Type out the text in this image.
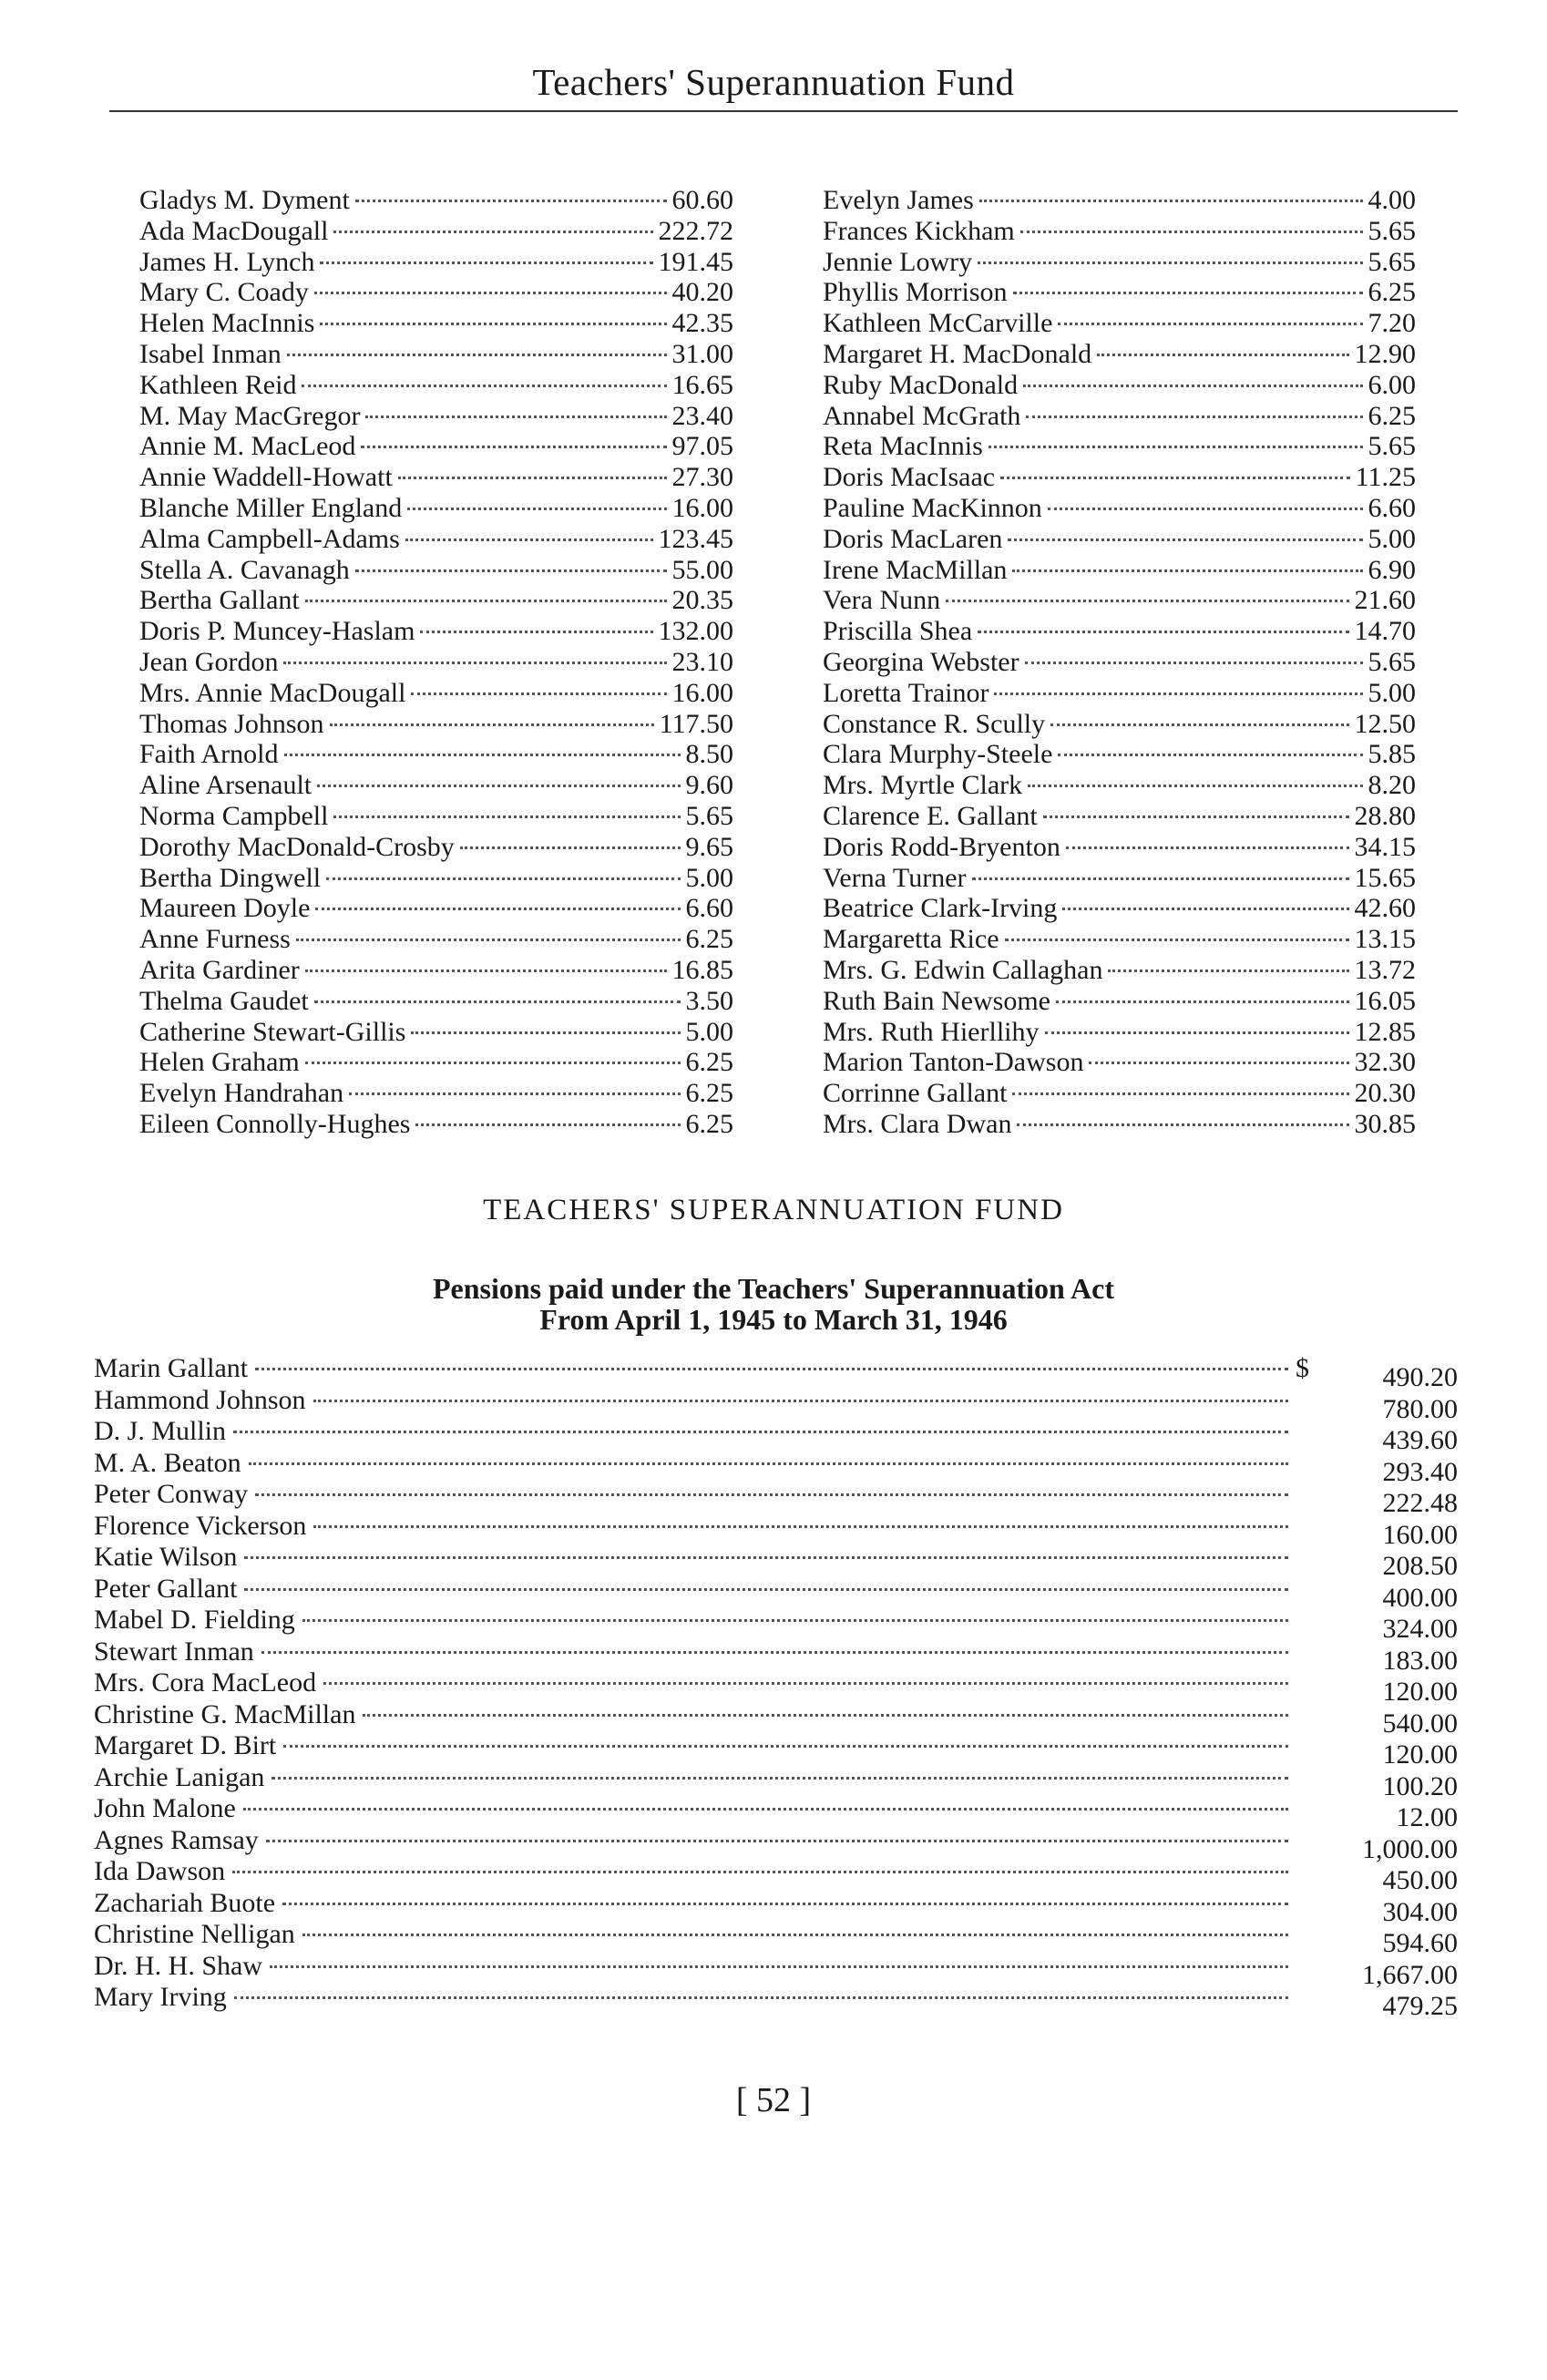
Teachers' Superannuation Fund
Gladys M. Dyment	60.60
Ada MacDougall	222.72
James H. Lynch	191.45
Mary C. Coady	40.20
Helen MacInnis	42.35
Isabel Inman	31.00
Kathleen Reid	16.65
M. May MacGregor	23.40
Annie M. MacLeod	97.05
Annie Waddell-Howatt	27.30
Blanche Miller England	16.00
Alma Campbell-Adams	123.45
Stella A. Cavanagh	55.00
Bertha Gallant	20.35
Doris P. Muncey-Haslam	132.00
Jean Gordon	23.10
Mrs. Annie MacDougall	16.00
Thomas Johnson	117.50
Faith Arnold	8.50
Aline Arsenault	9.60
Norma Campbell	5.65
Dorothy MacDonald-Crosby	9.65
Bertha Dingwell	5.00
Maureen Doyle	6.60
Anne Furness	6.25
Arita Gardiner	16.85
Thelma Gaudet	3.50
Catherine Stewart-Gillis	5.00
Helen Graham	6.25
Evelyn Handrahan	6.25
Eileen Connolly-Hughes	6.25
Evelyn James	4.00
Frances Kickham	5.65
Jennie Lowry	5.65
Phyllis Morrison	6.25
Kathleen McCarville	7.20
Margaret H. MacDonald	12.90
Ruby MacDonald	6.00
Annabel McGrath	6.25
Reta MacInnis	5.65
Doris MacIsaac	11.25
Pauline MacKinnon	6.60
Doris MacLaren	5.00
Irene MacMillan	6.90
Vera Nunn	21.60
Priscilla Shea	14.70
Georgina Webster	5.65
Loretta Trainor	5.00
Constance R. Scully	12.50
Clara Murphy-Steele	5.85
Mrs. Myrtle Clark	8.20
Clarence E. Gallant	28.80
Doris Rodd-Bryenton	34.15
Verna Turner	15.65
Beatrice Clark-Irving	42.60
Margaretta Rice	13.15
Mrs. G. Edwin Callaghan	13.72
Ruth Bain Newsome	16.05
Mrs. Ruth Hierllihy	12.85
Marion Tanton-Dawson	32.30
Corrinne Gallant	20.30
Mrs. Clara Dwan	30.85
TEACHERS' SUPERANNUATION FUND
Pensions paid under the Teachers' Superannuation Act
From April 1, 1945 to March 31, 1946
Marin Gallant	$	490.20
Hammond Johnson	780.00
D. J. Mullin	439.60
M. A. Beaton	293.40
Peter Conway	222.48
Florence Vickerson	160.00
Katie Wilson	208.50
Peter Gallant	400.00
Mabel D. Fielding	324.00
Stewart Inman	183.00
Mrs. Cora MacLeod	120.00
Christine G. MacMillan	540.00
Margaret D. Birt	120.00
Archie Lanigan	100.20
John Malone	12.00
Agnes Ramsay	1,000.00
Ida Dawson	450.00
Zachariah Buote	304.00
Christine Nelligan	594.60
Dr. H. H. Shaw	1,667.00
Mary Irving	479.25
[ 52 ]
